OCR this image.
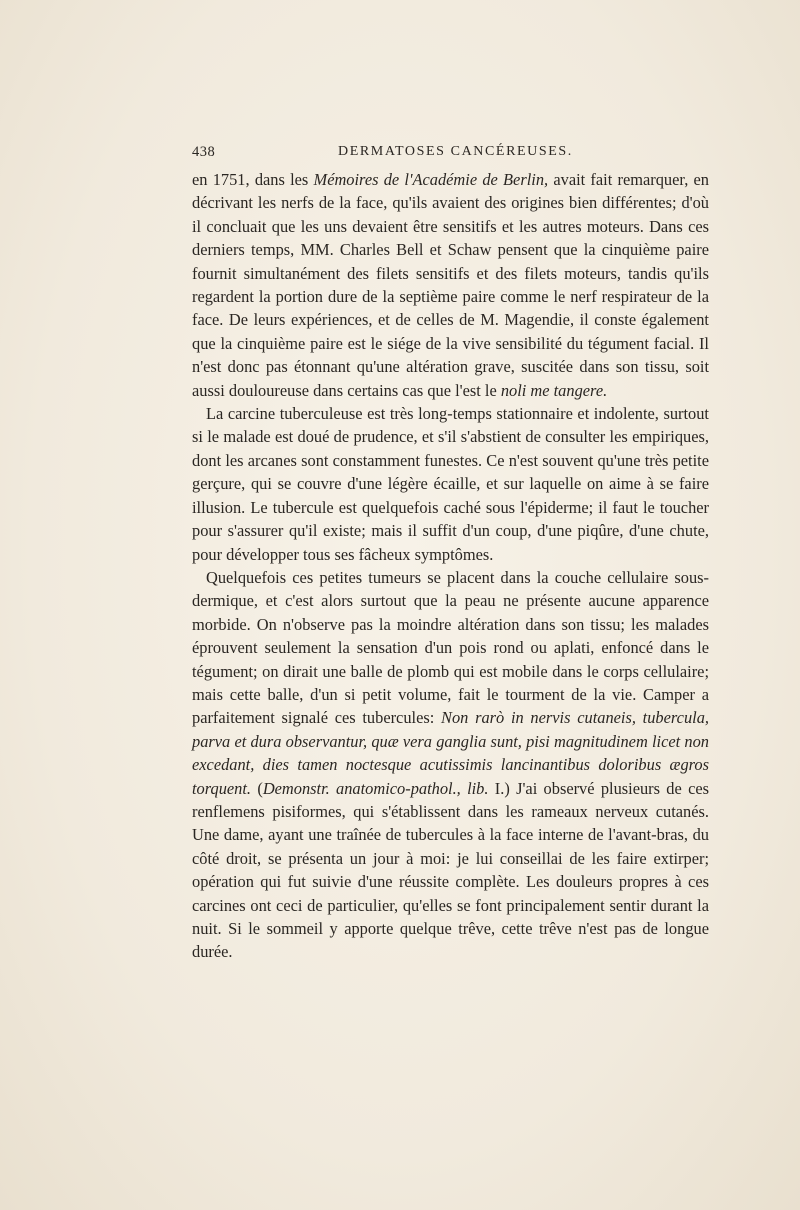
438	DERMATOSES CANCÉREUSES.

en 1751, dans les Mémoires de l'Académie de Berlin, avait fait remarquer, en décrivant les nerfs de la face, qu'ils avaient des origines bien différentes; d'où il concluait que les uns devaient être sensitifs et les autres moteurs. Dans ces derniers temps, MM. Charles Bell et Schaw pensent que la cinquième paire fournit simultanément des filets sensitifs et des filets moteurs, tandis qu'ils regardent la portion dure de la septième paire comme le nerf respirateur de la face. De leurs expériences, et de celles de M. Magendie, il conste également que la cinquième paire est le siége de la vive sensibilité du tégument facial. Il n'est donc pas étonnant qu'une altération grave, suscitée dans son tissu, soit aussi douloureuse dans certains cas que l'est le noli me tangere.

La carcine tuberculeuse est très long-temps stationnaire et indolente, surtout si le malade est doué de prudence, et s'il s'abstient de consulter les empiriques, dont les arcanes sont constamment funestes. Ce n'est souvent qu'une très petite gerçure, qui se couvre d'une légère écaille, et sur laquelle on aime à se faire illusion. Le tubercule est quelquefois caché sous l'épiderme; il faut le toucher pour s'assurer qu'il existe; mais il suffit d'un coup, d'une piqûre, d'une chute, pour développer tous ses fâcheux symptômes.

Quelquefois ces petites tumeurs se placent dans la couche cellulaire sous-dermique, et c'est alors surtout que la peau ne présente aucune apparence morbide. On n'observe pas la moindre altération dans son tissu; les malades éprouvent seulement la sensation d'un pois rond ou aplati, enfoncé dans le tégument; on dirait une balle de plomb qui est mobile dans le corps cellulaire; mais cette balle, d'un si petit volume, fait le tourment de la vie. Camper a parfaitement signalé ces tubercules: Non rarò in nervis cutaneis, tubercula, parva et dura observantur, quæ vera ganglia sunt, pisi magnitudinem licet non excedant, dies tamen noctesque acutissimis lancinantibus doloribus ægros torquent. (Demonstr. anatomico-pathol., lib. I.) J'ai observé plusieurs de ces renflemens pisiformes, qui s'établissent dans les rameaux nerveux cutanés. Une dame, ayant une traînée de tubercules à la face interne de l'avant-bras, du côté droit, se présenta un jour à moi: je lui conseillai de les faire extirper; opération qui fut suivie d'une réussite complète. Les douleurs propres à ces carcines ont ceci de particulier, qu'elles se font principalement sentir durant la nuit. Si le sommeil y apporte quelque trêve, cette trêve n'est pas de longue durée.
